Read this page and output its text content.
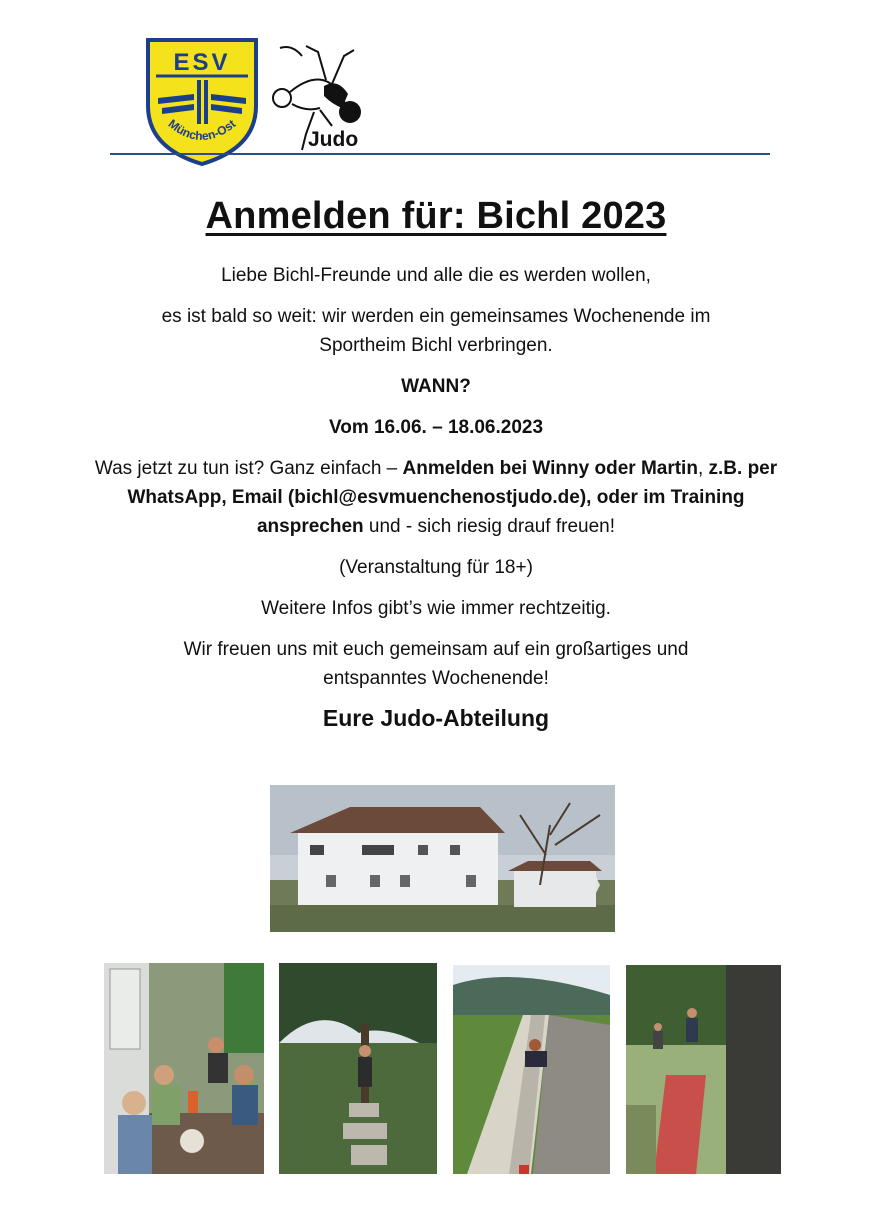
ESV
München-Ost
Judo
Anmelden für: Bichl 2023

Liebe Bichl-Freunde und alle die es werden wollen,

es ist bald so weit: wir werden ein gemeinsames Wochenende im Sportheim Bichl verbringen.

WANN?

Vom 16.06. – 18.06.2023

Was jetzt zu tun ist? Ganz einfach – Anmelden bei Winny oder Martin, z.B. per WhatsApp, Email (bichl@esvmuenchenostjudo.de), oder im Training ansprechen und - sich riesig drauf freuen!

(Veranstaltung für 18+)

Weitere Infos gibt’s wie immer rechtzeitig.

Wir freuen uns mit euch gemeinsam auf ein großartiges und entspanntes Wochenende!

Eure Judo-Abteilung
